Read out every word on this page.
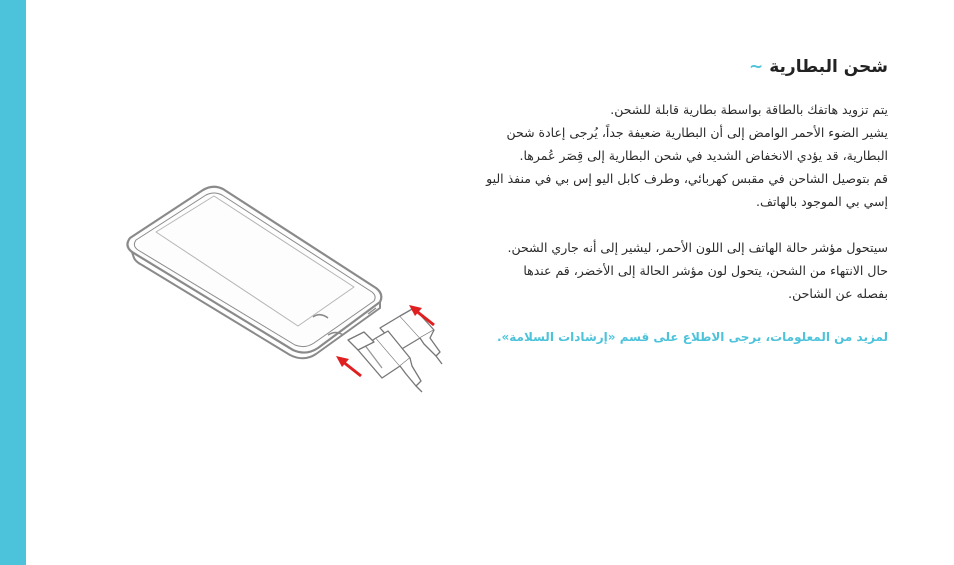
شحن البطارية
~

يتم تزويد هاتفك بالطاقة بواسطة بطارية قابلة للشحن.

يشير الضوء الأحمر الوامض إلى أن البطارية ضعيفة جداً، يُرجى إعادة شحن

البطارية، قد يؤدي الانخفاض الشديد في شحن البطارية إلى قِصَر عُمرها.

قم بتوصيل الشاحن في مقبس كهربائي، وطرف كابل اليو إس بي في منفذ اليو

إسي بي الموجود بالهاتف.

سيتحول مؤشر حالة الهاتف إلى اللون الأحمر، ليشير إلى أنه جاري الشحن.

حال الانتهاء من الشحن، يتحول لون مؤشر الحالة إلى الأخضر، قم عندها

بفصله عن الشاحن.

لمزيد من المعلومات، يرجى الاطلاع على قسم «إرشادات السلامة».
